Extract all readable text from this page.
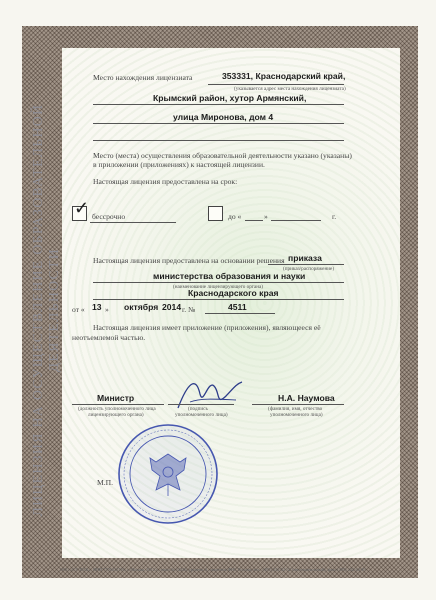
ЛИЦЕНЗИЯ НА ОСУЩЕСТВЛЕНИЕ ОБРАЗОВАТЕЛЬНОЙ ДЕЯТЕЛЬНОСТИ
Место нахождения лицензиата	353331, Краснодарский край,
(указывается адрес места нахождения лицензиата)
Крымский район, хутор Армянский,
улица Миронова, дом 4
Место (места) осуществления образовательной деятельности указано (указаны)
в приложении (приложениях) к настоящей лицензии.
Настоящая лицензия предоставлена на срок:
✓ бессрочно	до «	»	г.
Настоящая лицензия предоставлена на основании решения приказа
(приказ/распоряжение)
министерства образования и науки
(наименование лицензирующего органа)
Краснодарского края
от « 13 » октября 2014 г. №	4511
Настоящая лицензия имеет приложение (приложения), являющееся её
неотъемлемой частью.
Министр
(должность уполномоченного лица
лицензирующего органа)
(подпись
уполномоченного лица)
Н.А. Наумова
(фамилия, имя, отчество
уполномоченного лица)
М.П.
ООО «СТ-ПАК», ИНН 7706412716, г. Москва, 2012 г., заказ № 14446, уровень А, лицензия ФНС России, тел.: (495) 232-52-32 (многоканальный), факс (495) 232-44-49
